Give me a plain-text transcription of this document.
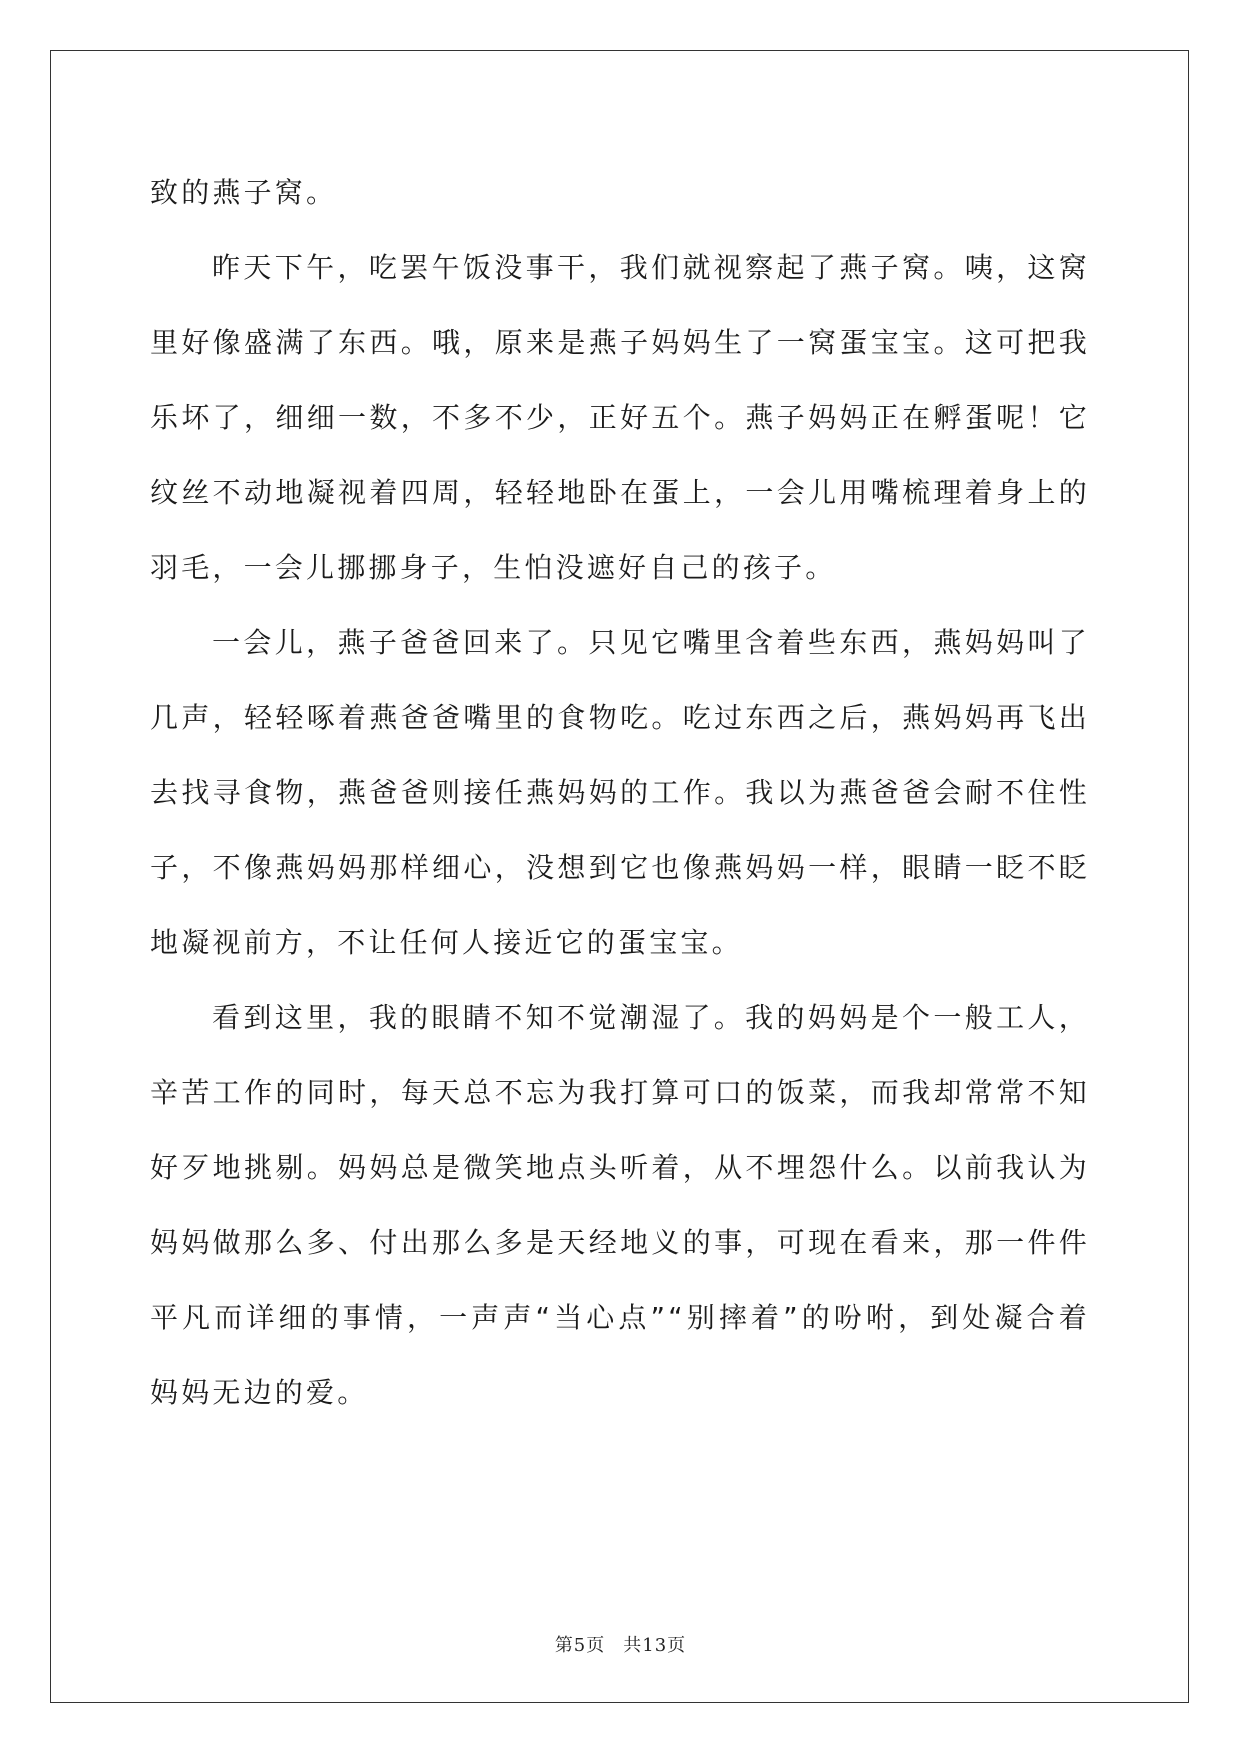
致的燕子窝。

昨天下午，吃罢午饭没事干，我们就视察起了燕子窝。咦，这窝里好像盛满了东西。哦，原来是燕子妈妈生了一窝蛋宝宝。这可把我乐坏了，细细一数，不多不少，正好五个。燕子妈妈正在孵蛋呢！它纹丝不动地凝视着四周，轻轻地卧在蛋上，一会儿用嘴梳理着身上的羽毛，一会儿挪挪身子，生怕没遮好自己的孩子。

一会儿，燕子爸爸回来了。只见它嘴里含着些东西，燕妈妈叫了几声，轻轻啄着燕爸爸嘴里的食物吃。吃过东西之后，燕妈妈再飞出去找寻食物，燕爸爸则接任燕妈妈的工作。我以为燕爸爸会耐不住性子，不像燕妈妈那样细心，没想到它也像燕妈妈一样，眼睛一眨不眨地凝视前方，不让任何人接近它的蛋宝宝。

看到这里，我的眼睛不知不觉潮湿了。我的妈妈是个一般工人，辛苦工作的同时，每天总不忘为我打算可口的饭菜，而我却常常不知好歹地挑剔。妈妈总是微笑地点头听着，从不埋怨什么。以前我认为妈妈做那么多、付出那么多是天经地义的事，可现在看来，那一件件平凡而详细的事情，一声声“当心点”“别摔着”的吩咐，到处凝合着妈妈无边的爱。

第5页 共13页
